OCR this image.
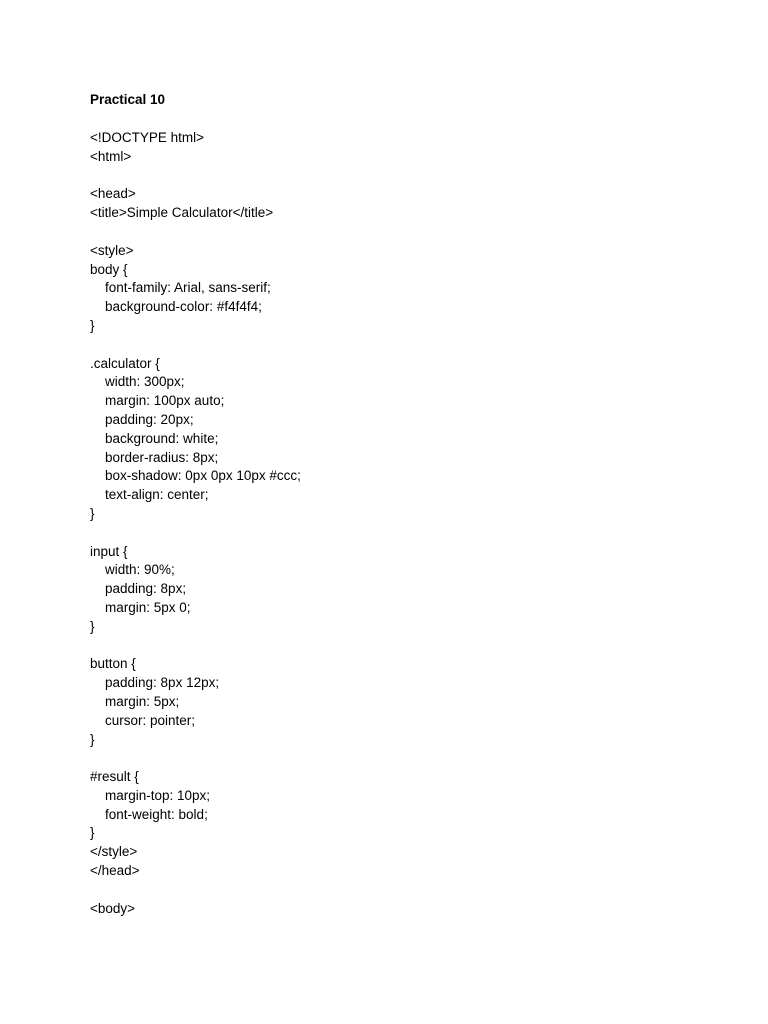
Practical 10
<!DOCTYPE html>
<html>
<head>
<title>Simple Calculator</title>
<style>
body {
font-family: Arial, sans-serif;
background-color: #f4f4f4;
}
.calculator {
width: 300px;
margin: 100px auto;
padding: 20px;
background: white;
border-radius: 8px;
box-shadow: 0px 0px 10px #ccc;
text-align: center;
}
input {
width: 90%;
padding: 8px;
margin: 5px 0;
}
button {
padding: 8px 12px;
margin: 5px;
cursor: pointer;
}
#result {
margin-top: 10px;
font-weight: bold;
}
</style>
</head>
<body>
